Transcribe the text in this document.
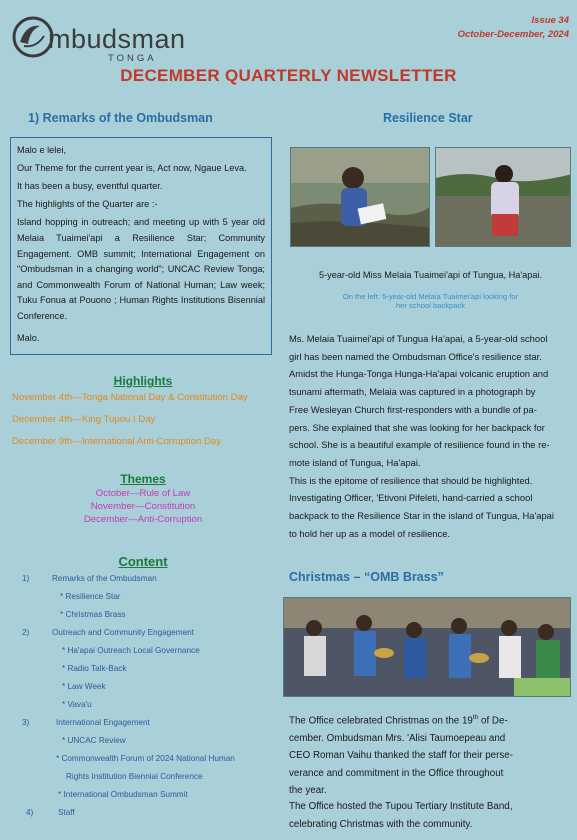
mbudsman
TONGA
Issue 34
October-December, 2024
DECEMBER QUARTERLY NEWSLETTER
1) Remarks of the Ombudsman

Malo e lelei,

Our Theme for the current year is, Act now, Ngaue Leva.

It has been a busy, eventful quarter.

The highlights of the Quarter are :-

Island hopping in outreach; and meeting up with 5 year old Melaia Tuaimei'api a Resilience Star; Community Engagement. OMB summit; International Engagement on "Ombudsman in a changing world"; UNCAC Review Tonga; and Commonwealth Forum of National Human; Law week; Tuku Fonua at Pouono ; Human Rights Institutions Bisennial Conference.

Malo.

Highlights
November 4th—Tonga National Day & Constitution Day
December 4th—King Tupou I Day
December 9th—International Anti-Corruption Day
Themes
October—Rule of Law
November—Constitution
December—Anti-Corruption
Content
1)	Remarks of the Ombudsman
* Resilience Star
* Christmas Brass
2)	Outreach and Community Engagement
* Ha'apai Outreach Local Governance
* Radio Talk-Back
* Law Week
* Vava'u
3)	International Engagement
* UNCAC Review
* Commonwealth Forum of 2024 National Human
Rights Institution Biennial Conference
* International Ombudsman Summit
4)	Staff
Resilience Star
5-year-old Miss Melaia Tuaimei'api of Tungua, Ha'apai.
On the left: 5-year-old Melaia Tuaimei'api looking for
her school backpack
Ms. Melaia Tuaimei'api of Tungua Ha'apai, a 5-year-old school
girl has been named the Ombudsman Office's resilience star.
Amidst the Hunga-Tonga Hunga-Ha'apai volcanic eruption and
tsunami aftermath, Melaia was captured in a photograph by
Free Wesleyan Church first-responders with a bundle of pa-
pers. She explained that she was looking for her backpack for
school. She is a beautiful example of resilience found in the re-
mote island of Tungua, Ha'apai.
This is the epitome of resilience that should be highlighted.
Investigating Officer, 'Etivoni Pifeleti, hand-carried a school
backpack to the Resilience Star in the island of Tungua, Ha'apai
to hold her up as a model of resilience.
Christmas – “OMB Brass”
The Office celebrated Christmas on the 19th of De-
cember. Ombudsman Mrs. 'Alisi Taumoepeau and
CEO Roman Vaihu thanked the staff for their perse-
verance and commitment in the Office throughout
the year.
The Office hosted the Tupou Tertiary Institute Band,
celebrating Christmas with the community.
